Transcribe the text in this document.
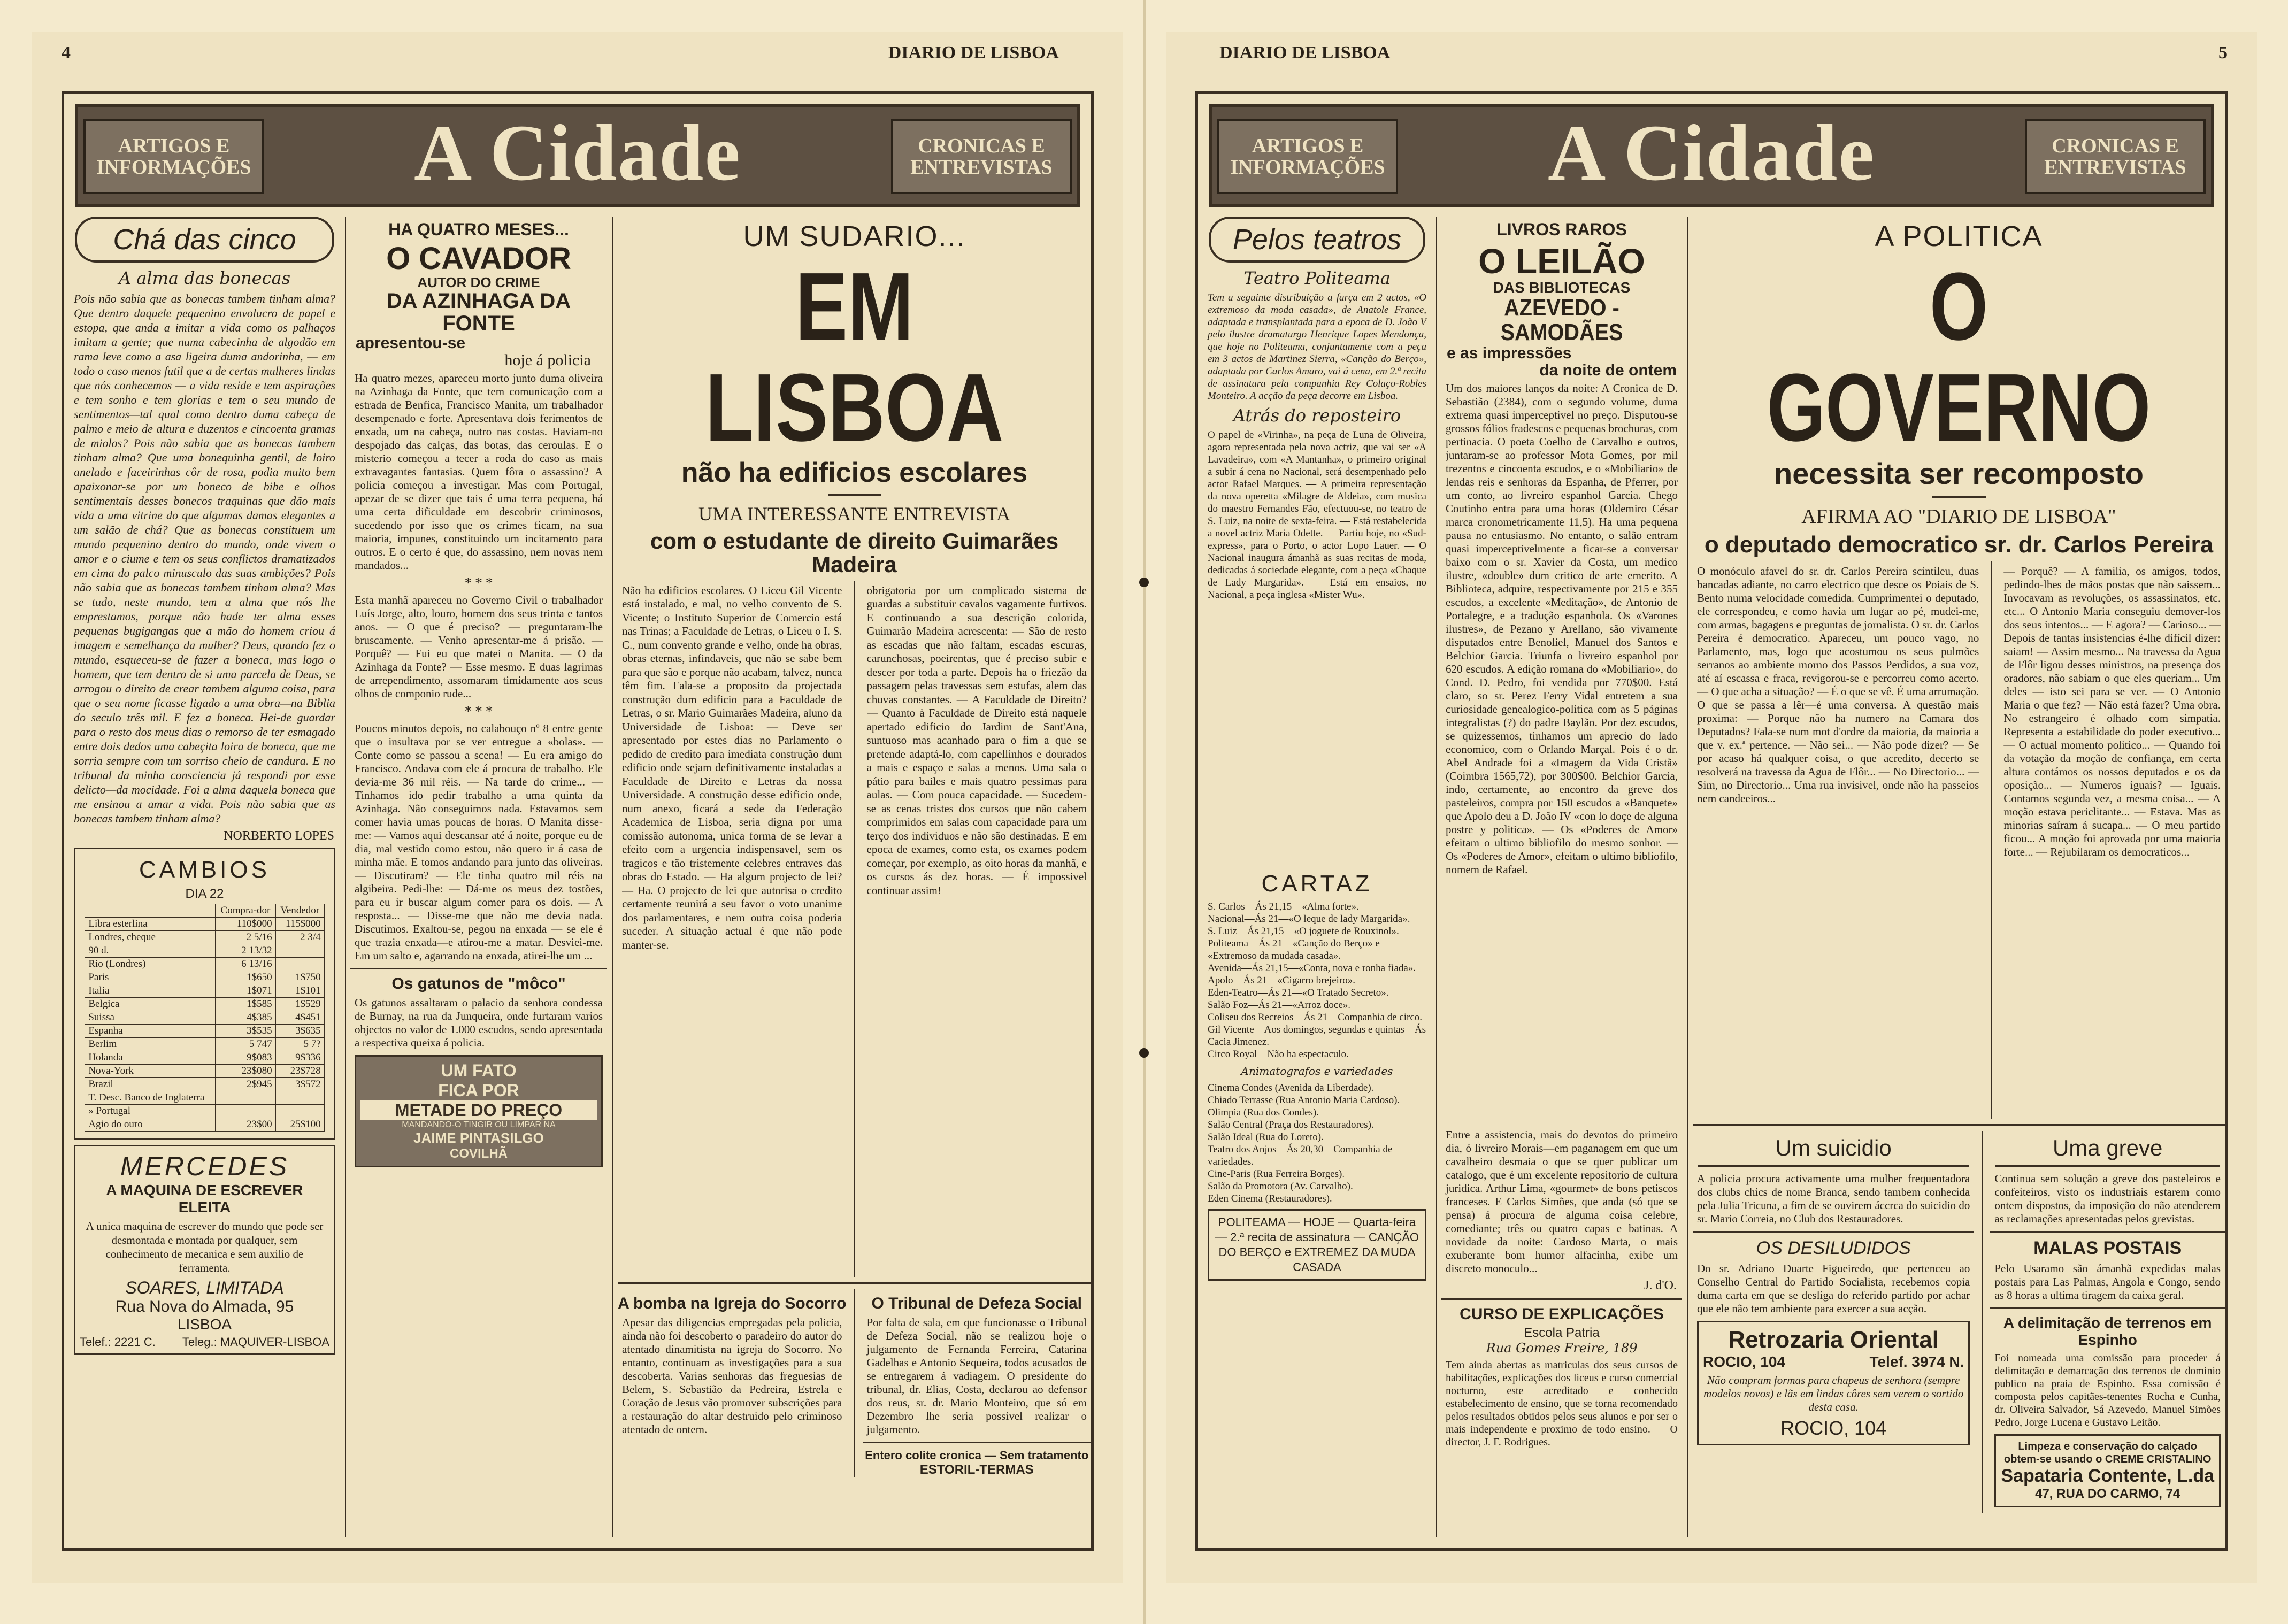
4	DIARIO DE LISBOA
ARTIGOS E INFORMAÇÕES	A Cidade	CRONICAS E ENTREVISTAS
Chá das cinco
A alma das bonecas
Pois não sabia que as bonecas tambem tinham alma? Que dentro daquele pequenino envolucro de papel e estopa, que anda a imitar a vida como os palhaços imitam a gente; que numa cabecinha de algodão em rama leve como a asa ligeira duma andorinha, — em todo o caso menos futil que a de certas mulheres lindas que nós conhecemos — a vida reside e tem aspirações e tem sonho e tem glorias e tem o seu mundo de sentimentos—tal qual como dentro duma cabeça de palmo e meio de altura e duzentos e cincoenta gramas de miolos? Pois não sabia que as bonecas tambem tinham alma? Que uma bonequinha gentil, de loiro anelado e faceirinhas côr de rosa, podia muito bem apaixonar-se por um boneco de bibe e olhos sentimentais desses bonecos traquinas que dão mais vida a uma vitrine do que algumas damas elegantes a um salão de chá? Que as bonecas constituem um mundo pequenino dentro do mundo, onde vivem o amor e o ciume e tem os seus conflictos dramatizados em cima do palco minusculo das suas ambições? Pois não sabia que as bonecas tambem tinham alma? Mas se tudo, neste mundo, tem a alma que nós lhe emprestamos, porque não hade ter alma esses pequenas bugigangas que a mão do homem criou á imagem e semelhança da mulher? Deus, quando fez o mundo, esqueceu-se de fazer a boneca, mas logo o homem, que tem dentro de si uma parcela de Deus, se arrogou o direito de crear tambem alguma coisa, para que o seu nome ficasse ligado a uma obra—na Biblia do seculo três mil. E fez a boneca. Hei-de guardar para o resto dos meus dias o remorso de ter esmagado entre dois dedos uma cabeçita loira de boneca, que me sorria sempre com um sorriso cheio de candura. E no tribunal da minha consciencia já respondi por esse delicto—da mocidade. Foi a alma daquela boneca que me ensinou a amar a vida. Pois não sabia que as bonecas tambem tinham alma?
NORBERTO LOPES
CAMBIOS
DIA 22
	Compra-dor	Vendedor
Libra esterlina	110$000	115$000
Londres, cheque	2 5/16	2 3/4
90 d.	2 13/32	
Rio (Londres)	6 13/16	
Paris	1$650	1$750
Italia	1$071	1$101
Belgica	1$585	1$529
Suissa	4$385	4$451
Espanha	3$535	3$635
Berlim	5 747	5 7?
Holanda	9$083	9$336
Nova-York	23$080	23$728
Brazil	2$945	3$572
T. Desc. Banco de Inglaterra		
» Portugal		
Agio do ouro	23$00	25$100
MERCEDES
A MAQUINA DE ESCREVER ELEITA
A unica maquina de escrever do mundo que pode ser desmontada e montada por qualquer, sem conhecimento de mecanica e sem auxilio de ferramenta.
SOARES, LIMITADA
Rua Nova do Almada, 95
LISBOA
Telef.: 2221 C. Teleg.: MAQUIVER-LISBOA
HA QUATRO MESES...
O CAVADOR
AUTOR DO CRIME
DA AZINHAGA DA FONTE
apresentou-se
hoje á policia
Ha quatro mezes, apareceu morto junto duma oliveira na Azinhaga da Fonte, que tem comunicação com a estrada de Benfica, Francisco Manita, um trabalhador desempenado e forte. Apresentava dois ferimentos de enxada, um na cabeça, outro nas costas. Haviam-no despojado das calças, das botas, das ceroulas. E o misterio começou a tecer a roda do caso as mais extravagantes fantasias. Quem fôra o assassino? A policia começou a investigar. Mas com Portugal, apezar de se dizer que tais é uma terra pequena, há uma certa dificuldade em descobrir criminosos, sucedendo por isso que os crimes ficam, na sua maioria, impunes, constituindo um incitamento para outros. E o certo é que, do assassino, nem novas nem mandados...
* * *
Esta manhã apareceu no Governo Civil o trabalhador Luís Jorge, alto, louro, homem dos seus trinta e tantos anos. — O que é preciso? — preguntaram-lhe bruscamente. — Venho apresentar-me á prisão. — Porquê? — Fui eu que matei o Manita. — O da Azinhaga da Fonte? — Esse mesmo. E duas lagrimas de arrependimento, assomaram timidamente aos seus olhos de componio rude...
* * *
Poucos minutos depois, no calabouço nº 8 entre gente que o insultava por se ver entregue a «bolas». — Conte como se passou a scena! — Eu era amigo do Francisco. Andava com ele á procura de trabalho. Ele devia-me 36 mil réis. — Na tarde do crime... — Tinhamos ido pedir trabalho a uma quinta da Azinhaga. Não conseguimos nada. Estavamos sem comer havia umas poucas de horas. O Manita disse-me: — Vamos aqui descansar até á noite, porque eu de dia, mal vestido como estou, não quero ir á casa de minha mãe. E tomos andando para junto das oliveiras. — Discutiram? — Ele tinha quatro mil réis na algibeira. Pedi-lhe: — Dá-me os meus dez tostões, para eu ir buscar algum comer para os dois. — A resposta... — Disse-me que não me devia nada. Discutimos. Exaltou-se, pegou na enxada — se ele é que trazia enxada—e atirou-me a matar. Desviei-me. Em um salto e, agarrando na enxada, atirei-lhe um ...
Os gatunos de "môco"
Os gatunos assaltaram o palacio da senhora condessa de Burnay, na rua da Junqueira, onde furtaram varios objectos no valor de 1.000 escudos, sendo apresentada a respectiva queixa á policia.
UM FATO
FICA POR
METADE DO PREÇO
MANDANDO-O TINGIR OU LIMPAR NA
JAIME PINTASILGO
COVILHÃ
UM SUDARIO...
EM LISBOA
não ha edificios escolares
UMA INTERESSANTE ENTREVISTA
com o estudante de direito Guimarães Madeira
Não ha edificios escolares. O Liceu Gil Vicente está instalado, e mal, no velho convento de S. Vicente; o Instituto Superior de Comercio está nas Trinas; a Faculdade de Letras, o Liceu o I. S. C., num convento grande e velho, onde ha obras, obras eternas, infindaveis, que não se sabe bem para que são e porque não acabam, talvez, nunca têm fim. Fala-se a proposito da projectada construção dum edificio para a Faculdade de Letras, o sr. Mario Guimarães Madeira, aluno da Universidade de Lisboa: — Deve ser apresentado por estes dias no Parlamento o pedido de credito para imediata construção dum edificio onde sejam definitivamente instaladas a Faculdade de Direito e Letras da nossa Universidade. A construção desse edificio onde, num anexo, ficará a sede da Federação Academica de Lisboa, seria digna por uma comissão autonoma, unica forma de se levar a efeito com a urgencia indispensavel, sem os tragicos e tão tristemente celebres entraves das obras do Estado. — Ha algum projecto de lei? — Ha. O projecto de lei que autorisa o credito certamente reunirá a seu favor o voto unanime dos parlamentares, e nem outra coisa poderia suceder. A situação actual é que não pode manter-se.
obrigatoria por um complicado sistema de guardas a substituir cavalos vagamente furtivos. E continuando a sua descrição colorida, Guimarão Madeira acrescenta: — São de resto as escadas que não faltam, escadas escuras, carunchosas, poeirentas, que é preciso subir e descer por toda a parte. Depois ha o friezão da passagem pelas travessas sem estufas, alem das chuvas constantes. — A Faculdade de Direito? — Quanto à Faculdade de Direito está naquele apertado edificio do Jardim de Sant'Ana, suntuoso mas acanhado para o fim a que se pretende adaptá-lo, com capellinhos e dourados a mais e espaço e salas a menos. Uma sala o pátio para bailes e mais quatro pessimas para aulas. — Com pouca capacidade. — Sucedem-se as cenas tristes dos cursos que não cabem comprimidos em salas com capacidade para um terço dos individuos e não são destinadas. E em epoca de exames, como esta, os exames podem começar, por exemplo, as oito horas da manhã, e os cursos ás dez horas. — É impossivel continuar assim!
A bomba na Igreja do Socorro
Apesar das diligencias empregadas pela policia, ainda não foi descoberto o paradeiro do autor do atentado dinamitista na igreja do Socorro. No entanto, continuam as investigações para a sua descoberta. Varias senhoras das freguesias de Belem, S. Sebastião da Pedreira, Estrela e Coração de Jesus vão promover subscrições para a restauração do altar destruido pelo criminoso atentado de ontem.
O Tribunal de Defeza Social
Por falta de sala, em que funcionasse o Tribunal de Defeza Social, não se realizou hoje o julgamento de Fernanda Ferreira, Catarina Gadelhas e Antonio Sequeira, todos acusados de se entregarem á vadiagem. O presidente do tribunal, dr. Elias, Costa, declarou ao defensor dos reus, sr. dr. Mario Monteiro, que só em Dezembro lhe seria possivel realizar o julgamento.
Entero colite cronica — Sem tratamento
ESTORIL-TERMAS
DIARIO DE LISBOA	5
ARTIGOS E INFORMAÇÕES	A Cidade	CRONICAS E ENTREVISTAS
Pelos teatros
Teatro Politeama
Tem a seguinte distribuição a farça em 2 actos, «O extremoso da moda casada», de Anatole France, adaptada e transplantada para a epoca de D. João V pelo ilustre dramaturgo Henrique Lopes Mendonça, que hoje no Politeama, conjuntamente com a peça em 3 actos de Martinez Sierra, «Canção do Berço», adaptada por Carlos Amaro, vai á cena, em 2.ª recita de assinatura pela companhia Rey Colaço-Robles Monteiro. A acção da peça decorre em Lisboa.
Atrás do reposteiro
O papel de «Virinha», na peça de Luna de Oliveira, agora representada pela nova actriz, que vai ser «A Lavadeira», com «A Mantanha», o primeiro original a subir á cena no Nacional, será desempenhado pelo actor Rafael Marques. — A primeira representação da nova operetta «Milagre de Aldeia», com musica do maestro Fernandes Fão, efectuou-se, no teatro de S. Luiz, na noite de sexta-feira. — Está restabelecida a novel actriz Maria Odette. — Partiu hoje, no «Sud-express», para o Porto, o actor Lopo Lauer. — O Nacional inaugura ámanhã as suas recitas de moda, dedicadas á sociedade elegante, com a peça «Chaque de Lady Margarida». — Está em ensaios, no Nacional, a peça inglesa «Mister Wu».
CARTAZ
S. Carlos—Ás 21,15—«Alma forte».
Nacional—Ás 21—«O leque de lady Margarida».
S. Luiz—Ás 21,15—«O joguete de Rouxinol».
Politeama—Ás 21—«Canção do Berço» e «Extremoso da mudada casada».
Avenida—Ás 21,15—«Conta, nova e ronha fiada».
Apolo—Ás 21—«Cigarro brejeiro».
Eden-Teatro—Ás 21—«O Tratado Secreto».
Salão Foz—Ás 21—«Arroz doce».
Coliseu dos Recreios—Ás 21—Companhia de circo.
Gil Vicente—Aos domingos, segundas e quintas—Ás Cacia Jimenez.
Circo Royal—Não ha espectaculo.
Animatografos e variedades
Cinema Condes (Avenida da Liberdade).
Chiado Terrasse (Rua Antonio Maria Cardoso).
Olimpia (Rua dos Condes).
Salão Central (Praça dos Restauradores).
Salão Ideal (Rua do Loreto).
Teatro dos Anjos—Ás 20,30—Companhia de variedades.
Cine-Paris (Rua Ferreira Borges).
Salão da Promotora (Av. Carvalho).
Eden Cinema (Restauradores).
POLITEAMA — HOJE — Quarta-feira — 2.ª recita de assinatura — CANÇÃO DO BERÇO e EXTREMEZ DA MUDA CASADA
LIVROS RAROS
O LEILÃO
DAS BIBLIOTECAS
AZEVEDO - SAMODÃES
e as impressões
da noite de ontem
Um dos maiores lanços da noite: A Cronica de D. Sebastião (2384), com o segundo volume, duma extrema quasi imperceptivel no preço. Disputou-se grossos fólios fradescos e pequenas brochuras, com pertinacia. O poeta Coelho de Carvalho e outros, juntaram-se ao professor Mota Gomes, por mil trezentos e cincoenta escudos, e o «Mobiliario» de lendas reis e senhoras da Espanha, de Pferrer, por um conto, ao livreiro espanhol Garcia. Chego Coutinho entra para uma horas (Oldemiro César marca cronometricamente 11,5). Ha uma pequena pausa no entusiasmo. No entanto, o salão entram quasi imperceptivelmente a ficar-se a conversar baixo com o sr. Xavier da Costa, um medico ilustre, «double» dum critico de arte emerito. A Biblioteca, adquire, respectivamente por 215 e 355 escudos, a excelente «Meditação», de Antonio de Portalegre, e a tradução espanhola. Os «Varones ilustres», de Pezano y Arellano, são vivamente disputados entre Benoliel, Manuel dos Santos e Belchior Garcia. Triunfa o livreiro espanhol por 620 escudos. A edição romana do «Mobiliario», do Cond. D. Pedro, foi vendida por 770$00. Está claro, so sr. Perez Ferry Vidal entretem a sua curiosidade genealogico-politica com as 5 páginas integralistas (?) do padre Baylão. Por dez escudos, se quizessemos, tinhamos um aprecio do lado economico, com o Orlando Marçal. Pois é o dr. Abel Andrade foi a «Imagem da Vida Cristã» (Coimbra 1565,72), por 300$00. Belchior Garcia, indo, certamente, ao encontro da greve dos pasteleiros, compra por 150 escudos a «Banquete» que Apolo deu a D. João IV «con lo doçe de alguna postre y politica». — Os «Poderes de Amor» efeitam o ultimo bibliofilo do mesmo sonhor. — Os «Poderes de Amor», efeitam o ultimo bibliofilo, nomem de Rafael.
Entre a assistencia, mais do devotos do primeiro dia, ó livreiro Morais—em paganagem em que um cavalheiro desmaia o que se quer publicar um catalogo, que é um excelente repositorio de cultura juridica. Arthur Lima, «gourmet» de bons petiscos franceses. E Carlos Simões, que anda (só que se pensa) á procura de alguma coisa celebre, comediante; três ou quatro capas e batinas. A novidade da noite: Cardoso Marta, o mais exuberante bom humor alfacinha, exibe um discreto monoculo...
J. d'O.
CURSO DE EXPLICAÇÕES
Escola Patria
Rua Gomes Freire, 189
Tem ainda abertas as matriculas dos seus cursos de habilitações, explicações dos liceus e curso comercial nocturno, este acreditado e conhecido estabelecimento de ensino, que se torna recomendado pelos resultados obtidos pelos seus alunos e por ser o mais independente e proximo de todo ensino. — O director, J. F. Rodrigues.
A POLITICA
O GOVERNO
necessita ser recomposto
AFIRMA AO "DIARIO DE LISBOA"
o deputado democratico sr. dr. Carlos Pereira
O monóculo afavel do sr. dr. Carlos Pereira scintileu, duas bancadas adiante, no carro electrico que desce os Poiais de S. Bento numa velocidade comedida. Cumprimentei o deputado, ele correspondeu, e como havia um lugar ao pé, mudei-me, com armas, bagagens e preguntas de jornalista. O sr. dr. Carlos Pereira é democratico. Apareceu, um pouco vago, no Parlamento, mas, logo que acostumou os seus pulmões serranos ao ambiente morno dos Passos Perdidos, a sua voz, até aí escassa e fraca, revigorou-se e percorreu como acerto. — O que acha a situação? — É o que se vê. É uma arrumação. O que se passa a lêr—é uma conversa. A questão mais proxima: — Porque não ha numero na Camara dos Deputados? Fala-se num mot d'ordre da maioria, da maioria a que v. ex.ª pertence. — Não sei... — Não pode dizer? — Se por acaso há qualquer coisa, o que acredito, decerto se resolverá na travessa da Agua de Flôr... — No Directorio... — Sim, no Directorio... Uma rua invisivel, onde não ha passeios nem candeeiros...
— Porquê? — A familia, os amigos, todos, pedindo-lhes de mãos postas que não saissem... Invocavam as revoluções, os assassinatos, etc. etc... O Antonio Maria conseguiu demover-los dos seus intentos... — E agora? — Carioso... — Depois de tantas insistencias é-lhe difícil dizer: saiam! — Assim mesmo... Na travessa da Agua de Flôr ligou desses ministros, na presença dos oradores, não sabiam o que eles queriam... Um deles — isto sei para se ver. — O Antonio Maria o que fez? — Não está fazer? Uma obra. No estrangeiro é olhado com simpatia. Representa a estabilidade do poder executivo... — O actual momento politico... — Quando foi da votação da moção de confiança, em certa altura contámos os nossos deputados e os da oposição... — Numeros iguais? — Iguais. Contamos segunda vez, a mesma coisa... — A moção estava periclitante... — Estava. Mas as minorias saíram á sucapa... — O meu partido ficou... A moção foi aprovada por uma maioria forte... — Rejubilaram os democraticos...
Um suicidio
A policia procura activamente uma mulher frequentadora dos clubs chics de nome Branca, sendo tambem conhecida pela Julia Tricuna, a fim de se ouvirem áccrca do suicidio do sr. Mario Correia, no Club dos Restauradores.
OS DESILUDIDOS
Do sr. Adriano Duarte Figueiredo, que pertenceu ao Conselho Central do Partido Socialista, recebemos copia duma carta em que se desliga do referido partido por achar que ele não tem ambiente para exercer a sua acção.
Retrozaria Oriental
ROCIO, 104	Telef. 3974 N.
Não compram formas para chapeus de senhora (sempre modelos novos) e lãs em lindas côres sem verem o sortido desta casa.
ROCIO, 104
Uma greve
Continua sem solução a greve dos pasteleiros e confeiteiros, visto os industriais estarem como ontem dispostos, da imposição do não atenderem as reclamações apresentadas pelos grevistas.
MALAS POSTAIS
Pelo Usaramo são ámanhã expedidas malas postais para Las Palmas, Angola e Congo, sendo as 8 horas a ultima tiragem da caixa geral.
A delimitação de terrenos em Espinho
Foi nomeada uma comissão para proceder á delimitação e demarcação dos terrenos de dominio publico na praia de Espinho. Essa comissão é composta pelos capitães-tenentes Rocha e Cunha, dr. Oliveira Salvador, Sá Azevedo, Manuel Simões Pedro, Jorge Lucena e Gustavo Leitão.
Limpeza e conservação do calçado obtem-se usando o CREME CRISTALINO
Sapataria Contente, L.da
47, RUA DO CARMO, 74
